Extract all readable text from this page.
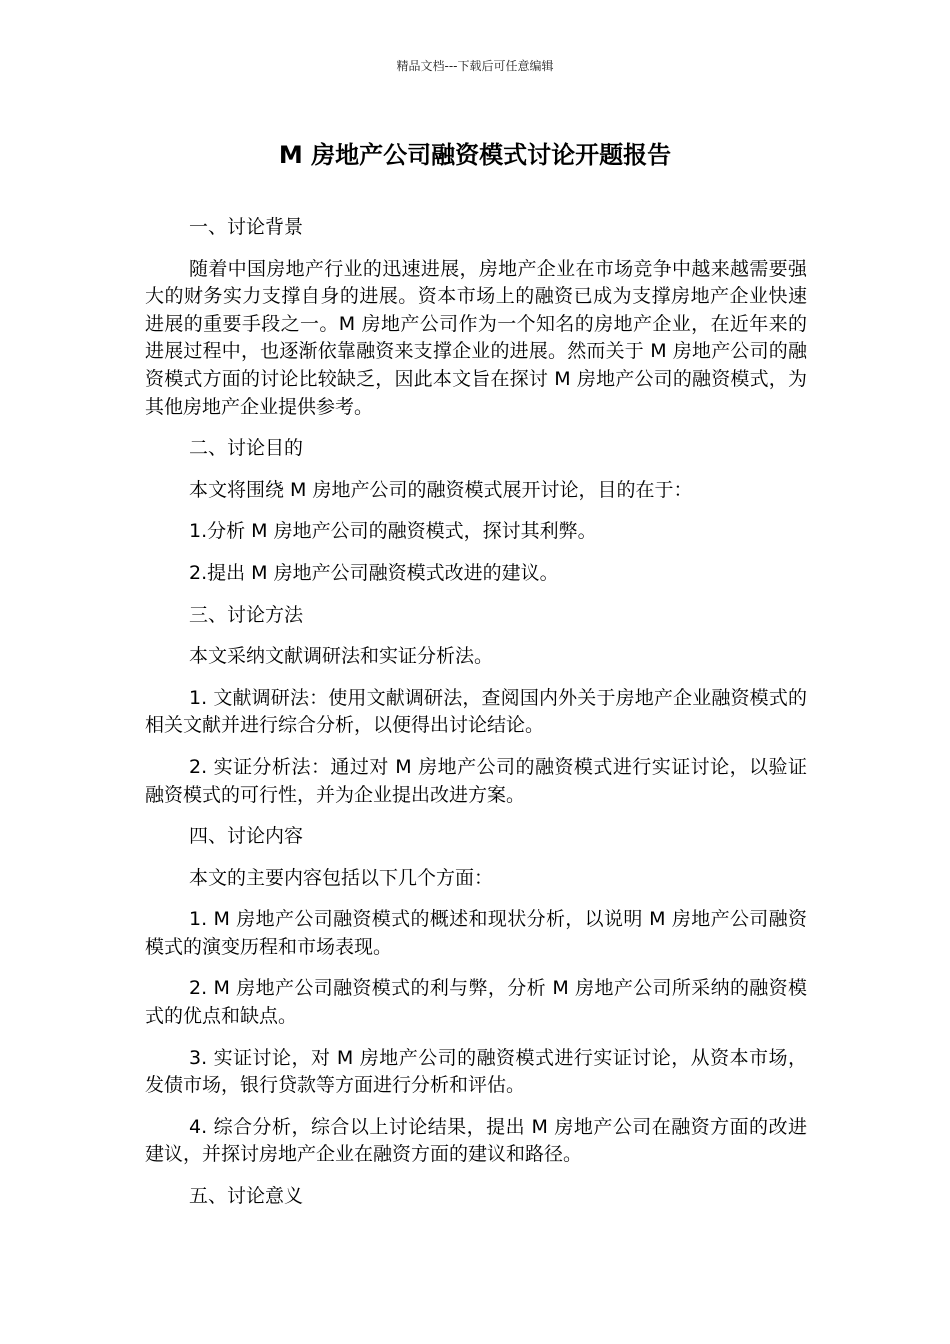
精品文档---下载后可任意编辑
M 房地产公司融资模式讨论开题报告

一、讨论背景

随着中国房地产行业的迅速进展，房地产企业在市场竞争中越来越需要强大的财务实力支撑自身的进展。资本市场上的融资已成为支撑房地产企业快速进展的重要手段之一。M 房地产公司作为一个知名的房地产企业，在近年来的进展过程中，也逐渐依靠融资来支撑企业的进展。然而关于 M 房地产公司的融资模式方面的讨论比较缺乏，因此本文旨在探讨 M 房地产公司的融资模式，为其他房地产企业提供参考。

二、讨论目的

本文将围绕 M 房地产公司的融资模式展开讨论，目的在于：

1.分析 M 房地产公司的融资模式，探讨其利弊。

2.提出 M 房地产公司融资模式改进的建议。

三、讨论方法

本文采纳文献调研法和实证分析法。

1. 文献调研法：使用文献调研法，查阅国内外关于房地产企业融资模式的相关文献并进行综合分析，以便得出讨论结论。

2. 实证分析法：通过对 M 房地产公司的融资模式进行实证讨论，以验证融资模式的可行性，并为企业提出改进方案。

四、讨论内容

本文的主要内容包括以下几个方面：

1. M 房地产公司融资模式的概述和现状分析，以说明 M 房地产公司融资模式的演变历程和市场表现。

2. M 房地产公司融资模式的利与弊，分析 M 房地产公司所采纳的融资模式的优点和缺点。

3. 实证讨论，对 M 房地产公司的融资模式进行实证讨论，从资本市场，发债市场，银行贷款等方面进行分析和评估。

4. 综合分析，综合以上讨论结果，提出 M 房地产公司在融资方面的改进建议，并探讨房地产企业在融资方面的建议和路径。

五、讨论意义
